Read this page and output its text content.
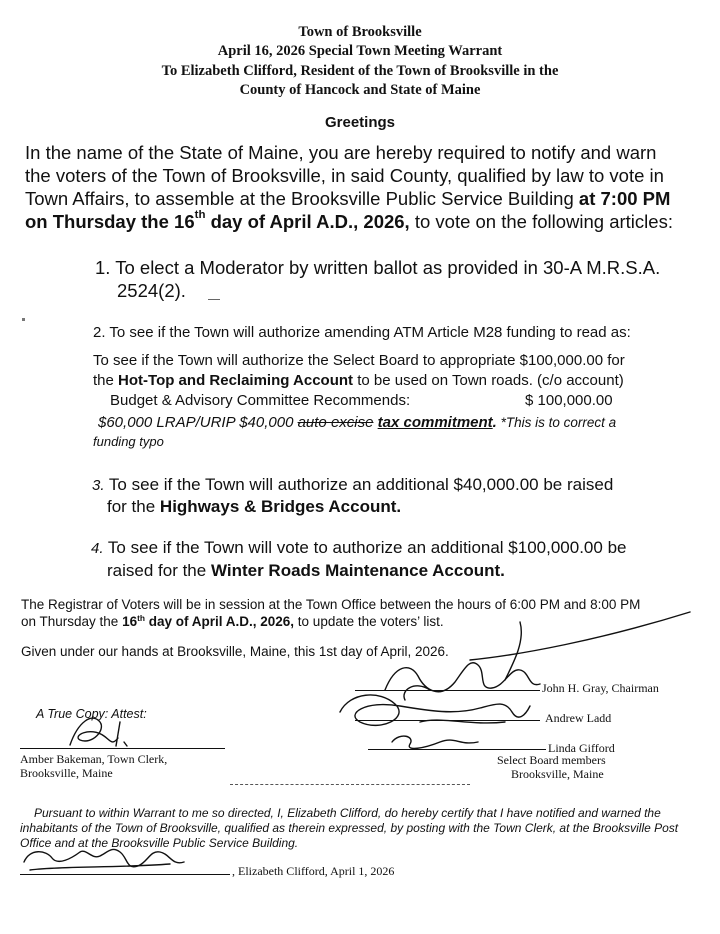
Town of Brooksville
April 16, 2026 Special Town Meeting Warrant
To Elizabeth Clifford, Resident of the Town of Brooksville in the
County of Hancock and State of Maine
Greetings
In the name of the State of Maine, you are hereby required to notify and warn
the voters of the Town of Brooksville, in said County, qualified by law to vote in
Town Affairs, to assemble at the Brooksville Public Service Building at 7:00 PM
on Thursday the 16th day of April A.D., 2026, to vote on the following articles:
1. To elect a Moderator by written ballot as provided in 30-A M.R.S.A.
2524(2).
2. To see if the Town will authorize amending ATM Article M28 funding to read as:
To see if the Town will authorize the Select Board to appropriate $100,000.00 for
the Hot-Top and Reclaiming Account to be used on Town roads. (c/o account)
Budget & Advisory Committee Recommends:	$ 100,000.00
$60,000 LRAP/URIP $40,000 auto excise tax commitment. *This is to correct a
funding typo
3. To see if the Town will authorize an additional $40,000.00 be raised
for the Highways & Bridges Account.
4. To see if the Town will vote to authorize an additional $100,000.00 be
raised for the Winter Roads Maintenance Account.
The Registrar of Voters will be in session at the Town Office between the hours of 6:00 PM and 8:00 PM
on Thursday the 16th day of April A.D., 2026, to update the voters’ list.
Given under our hands at Brooksville, Maine, this 1st day of April, 2026.
John H. Gray, Chairman
Andrew Ladd
Linda Gifford
Select Board members
Brooksville, Maine
A True Copy: Attest:
Amber Bakeman, Town Clerk,
Brooksville, Maine
Pursuant to within Warrant to me so directed, I, Elizabeth Clifford, do hereby certify that I have notified and warned the
inhabitants of the Town of Brooksville, qualified as therein expressed, by posting with the Town Clerk, at the Brooksville Post
Office and at the Brooksville Public Service Building.
, Elizabeth Clifford, April 1, 2026
